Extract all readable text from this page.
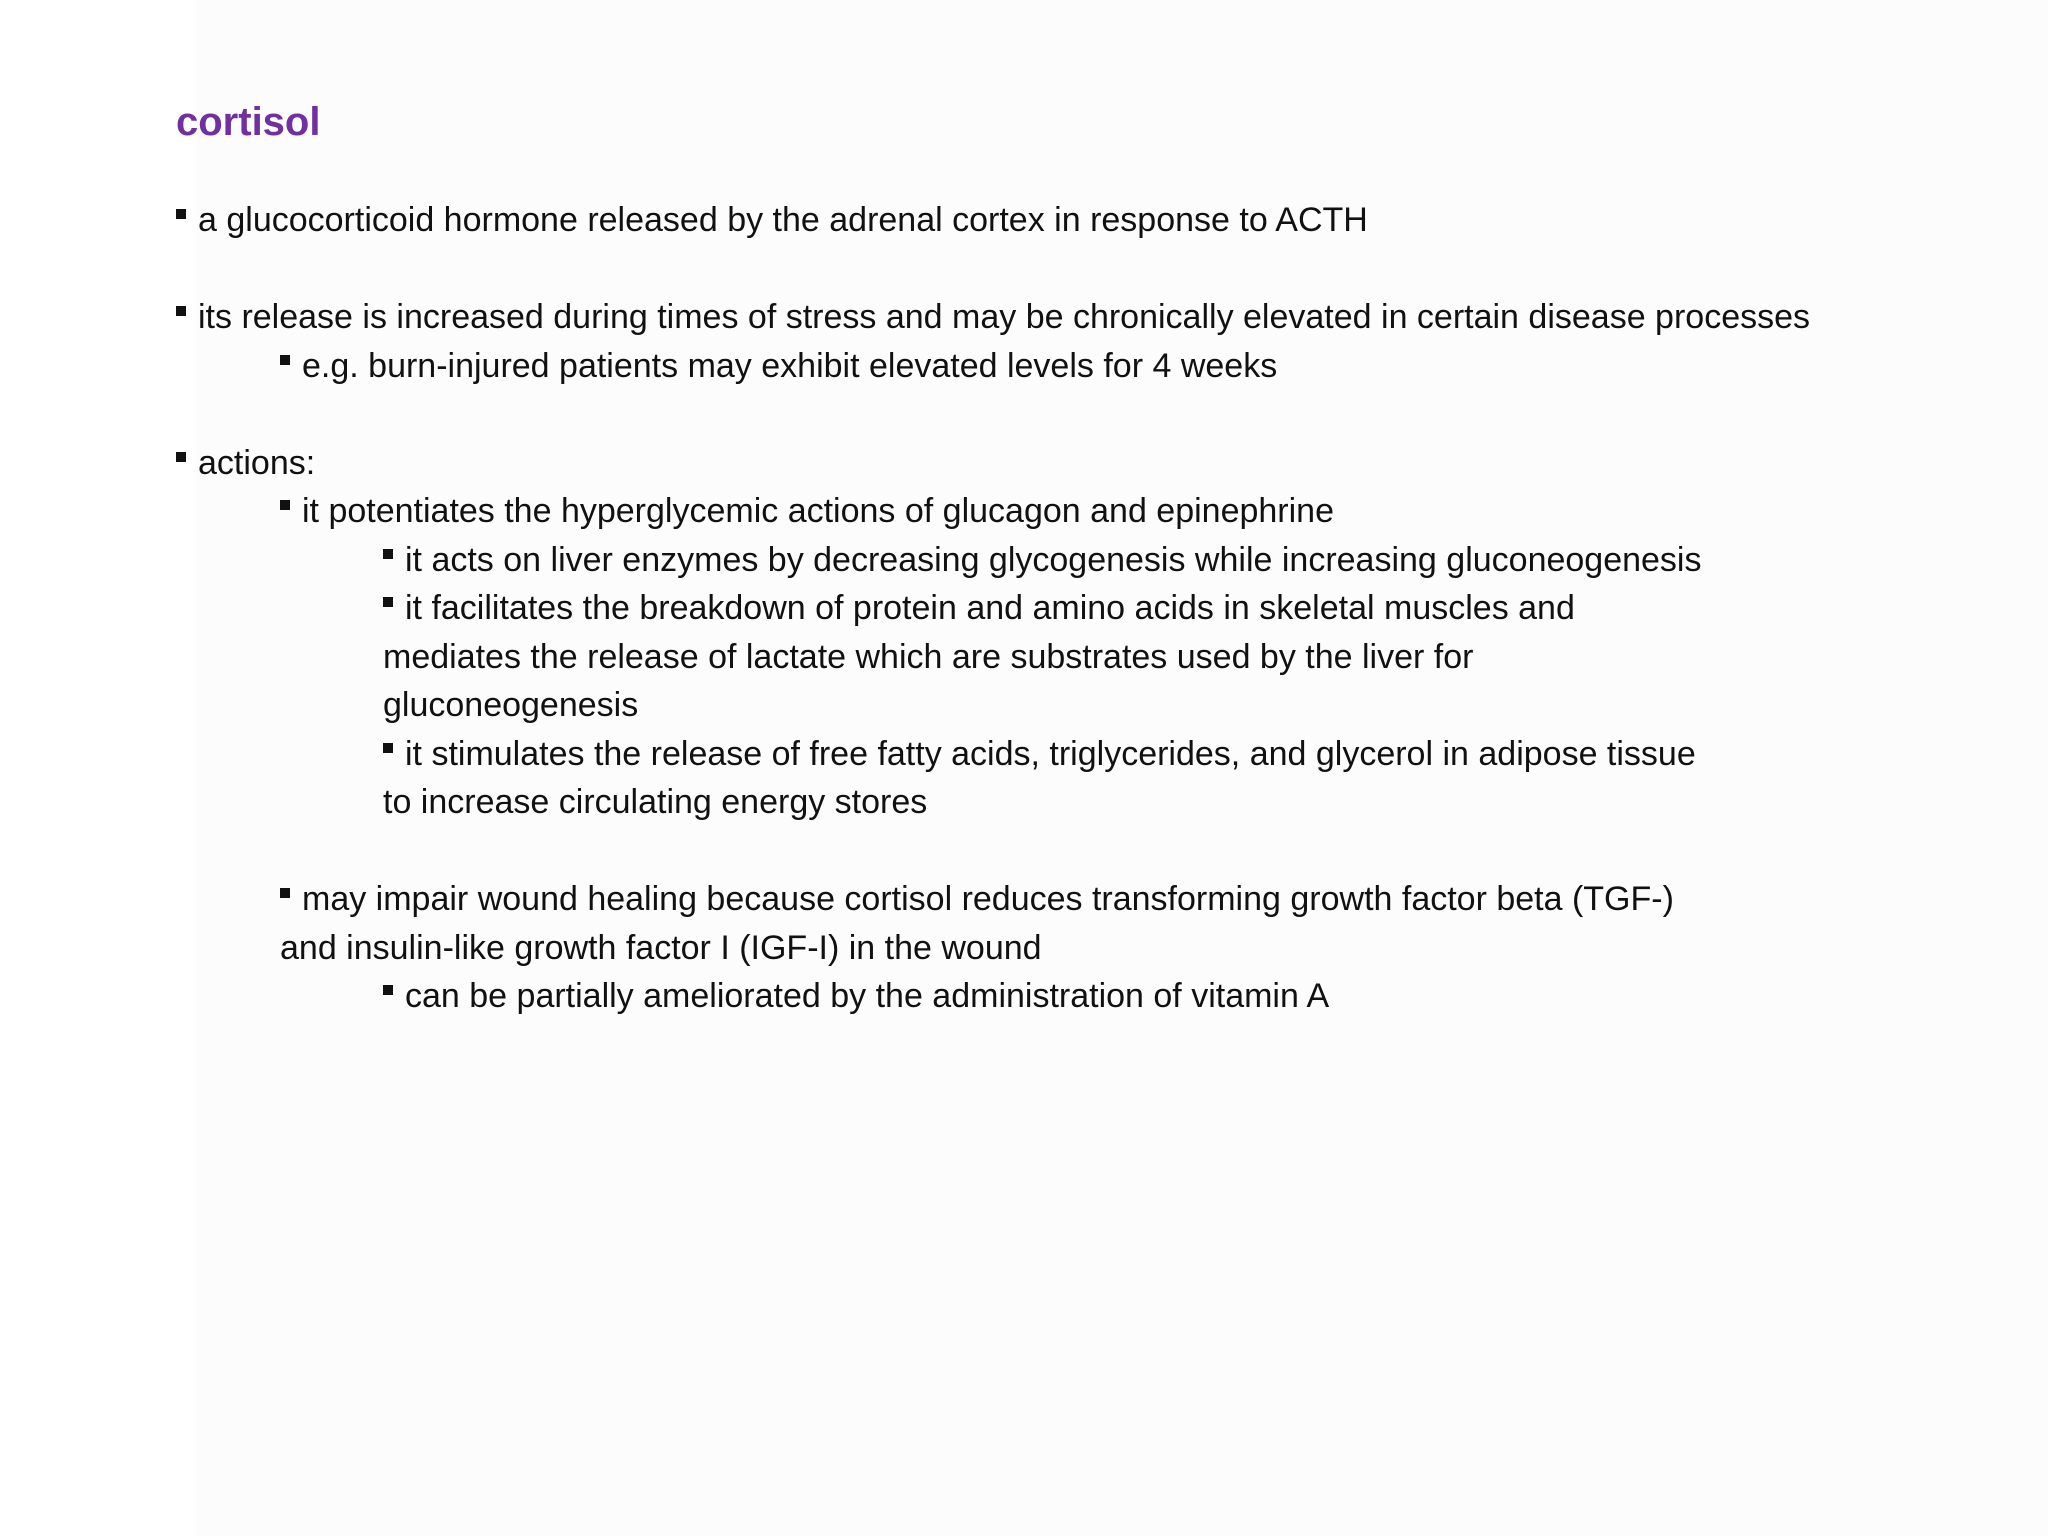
cortisol

a glucocorticoid hormone released by the adrenal cortex in response to ACTH

its release is increased during times of stress and may be chronically elevated in certain disease processes

e.g. burn-injured patients may exhibit elevated levels for 4 weeks

actions:

it potentiates the hyperglycemic actions of glucagon and epinephrine

it acts on liver enzymes by decreasing glycogenesis while increasing gluconeogenesis

it facilitates the breakdown of protein and amino acids in skeletal muscles and mediates the release of lactate which are substrates used by the liver for gluconeogenesis

it stimulates the release of free fatty acids, triglycerides, and glycerol in adipose tissue to increase circulating energy stores

may impair wound healing because cortisol reduces transforming growth factor beta (TGF-) and insulin-like growth factor I (IGF-I) in the wound

can be partially ameliorated by the administration of vitamin A
